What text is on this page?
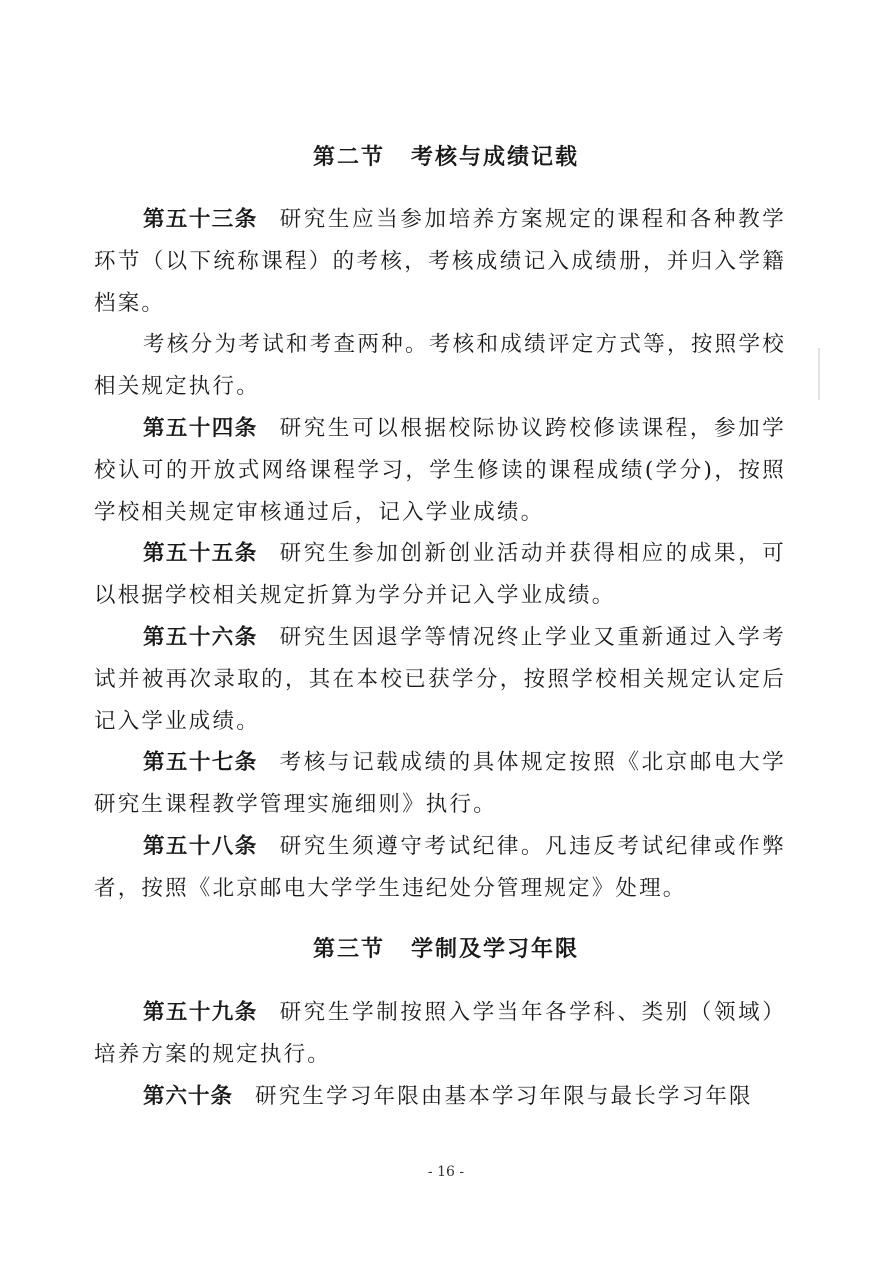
第二节 考核与成绩记载

第五十三条 研究生应当参加培养方案规定的课程和各种教学环节（以下统称课程）的考核，考核成绩记入成绩册，并归入学籍档案。

考核分为考试和考查两种。考核和成绩评定方式等，按照学校相关规定执行。

第五十四条 研究生可以根据校际协议跨校修读课程，参加学校认可的开放式网络课程学习，学生修读的课程成绩(学分)，按照学校相关规定审核通过后，记入学业成绩。

第五十五条 研究生参加创新创业活动并获得相应的成果，可以根据学校相关规定折算为学分并记入学业成绩。

第五十六条 研究生因退学等情况终止学业又重新通过入学考试并被再次录取的，其在本校已获学分，按照学校相关规定认定后记入学业成绩。

第五十七条 考核与记载成绩的具体规定按照《北京邮电大学研究生课程教学管理实施细则》执行。

第五十八条 研究生须遵守考试纪律。凡违反考试纪律或作弊者，按照《北京邮电大学学生违纪处分管理规定》处理。

第三节 学制及学习年限

第五十九条 研究生学制按照入学当年各学科、类别（领域）培养方案的规定执行。

第六十条 研究生学习年限由基本学习年限与最长学习年限

- 16 -
